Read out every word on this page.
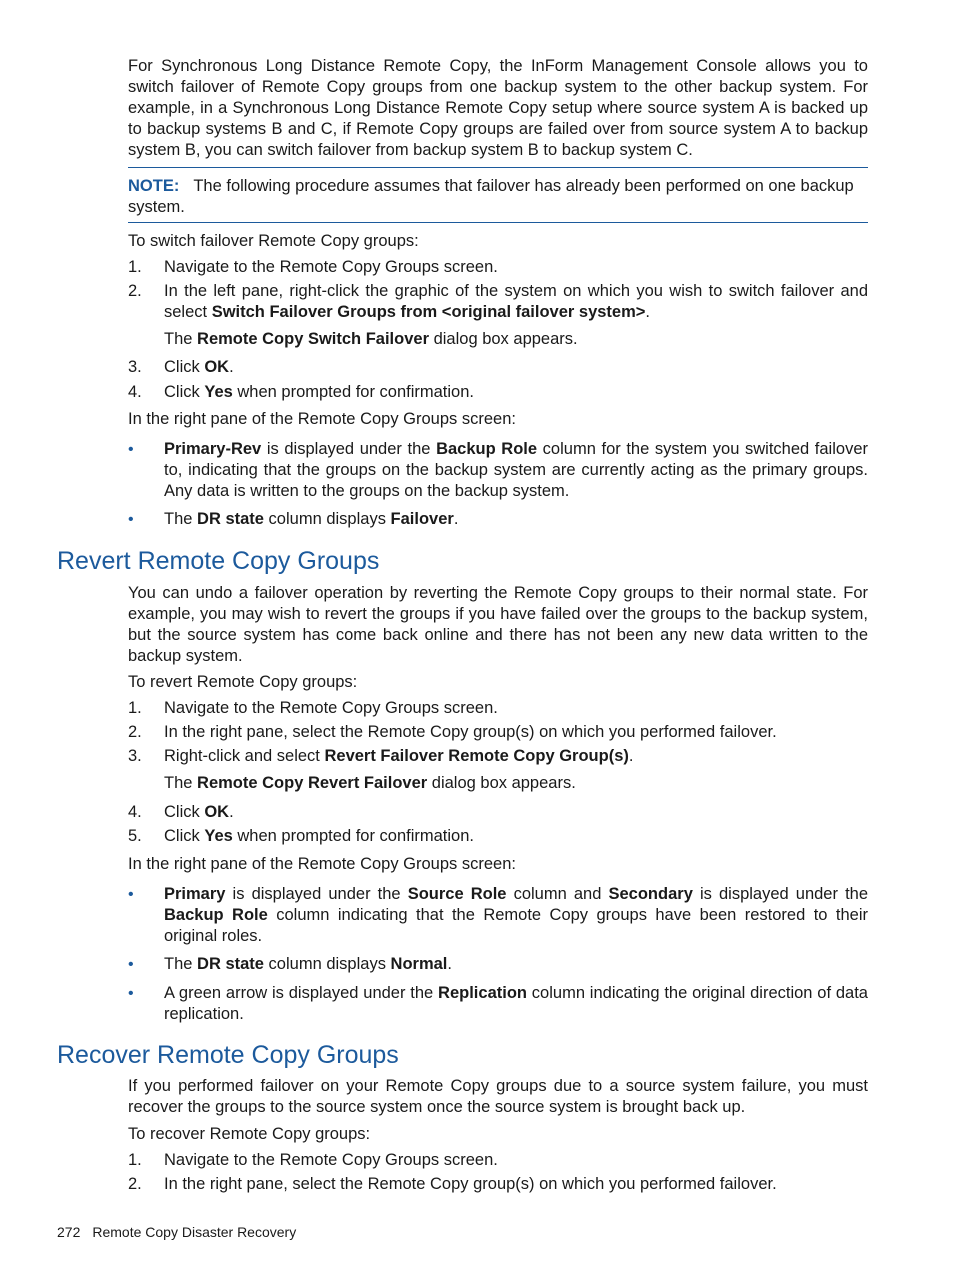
For Synchronous Long Distance Remote Copy, the InForm Management Console allows you to switch failover of Remote Copy groups from one backup system to the other backup system. For example, in a Synchronous Long Distance Remote Copy setup where source system A is backed up to backup systems B and C, if Remote Copy groups are failed over from source system A to backup system B, you can switch failover from backup system B to backup system C.

NOTE: The following procedure assumes that failover has already been performed on one backup system.

To switch failover Remote Copy groups:

1. Navigate to the Remote Copy Groups screen.
2. In the left pane, right-click the graphic of the system on which you wish to switch failover and select Switch Failover Groups from <original failover system>.
The Remote Copy Switch Failover dialog box appears.
3. Click OK.
4. Click Yes when prompted for confirmation.

In the right pane of the Remote Copy Groups screen:

• Primary-Rev is displayed under the Backup Role column for the system you switched failover to, indicating that the groups on the backup system are currently acting as the primary groups. Any data is written to the groups on the backup system.
• The DR state column displays Failover.
Revert Remote Copy Groups

You can undo a failover operation by reverting the Remote Copy groups to their normal state. For example, you may wish to revert the groups if you have failed over the groups to the backup system, but the source system has come back online and there has not been any new data written to the backup system.

To revert Remote Copy groups:

1. Navigate to the Remote Copy Groups screen.
2. In the right pane, select the Remote Copy group(s) on which you performed failover.
3. Right-click and select Revert Failover Remote Copy Group(s).
The Remote Copy Revert Failover dialog box appears.
4. Click OK.
5. Click Yes when prompted for confirmation.

In the right pane of the Remote Copy Groups screen:

• Primary is displayed under the Source Role column and Secondary is displayed under the Backup Role column indicating that the Remote Copy groups have been restored to their original roles.
• The DR state column displays Normal.
• A green arrow is displayed under the Replication column indicating the original direction of data replication.
Recover Remote Copy Groups

If you performed failover on your Remote Copy groups due to a source system failure, you must recover the groups to the source system once the source system is brought back up.

To recover Remote Copy groups:

1. Navigate to the Remote Copy Groups screen.
2. In the right pane, select the Remote Copy group(s) on which you performed failover.
272 Remote Copy Disaster Recovery
